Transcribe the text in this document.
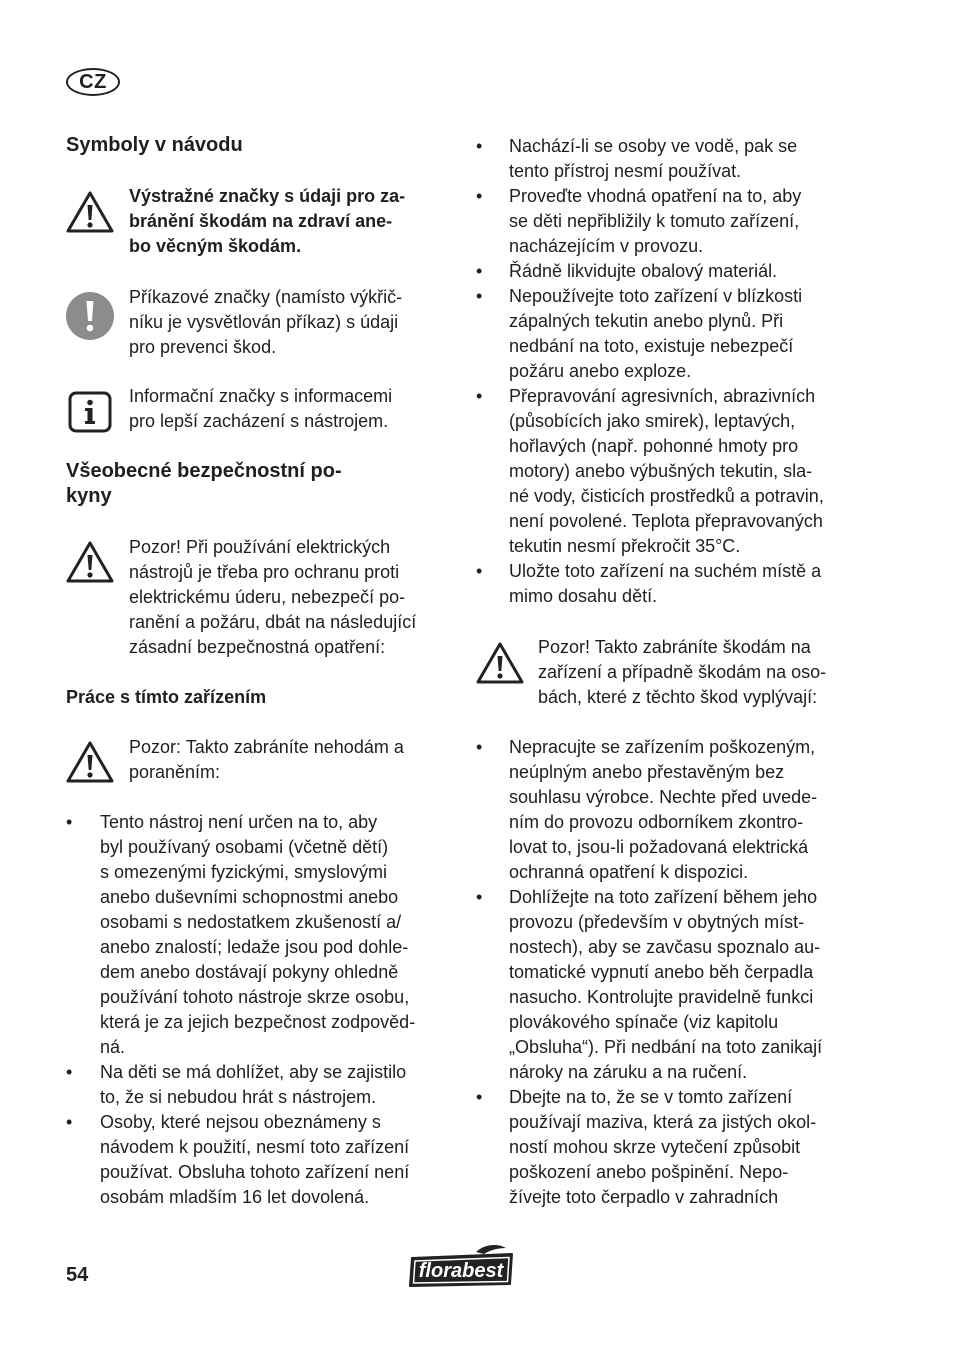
CZ
Symboly v návodu
Výstražné značky s údaji pro za-
bránění škodám na zdraví ane-
bo věcným škodám.
Příkazové značky (namísto výkřič-
níku je vysvětlován příkaz) s údaji
pro prevenci škod.
Informační značky s informacemi
pro lepší zacházení s nástrojem.
Všeobecné bezpečnostní po-
kyny
Pozor! Při používání elektrických
nástrojů je třeba pro ochranu proti
elektrickému úderu, nebezpečí po-
ranění a požáru, dbát na následující
zásadní bezpečnostná opatření:
Práce s tímto zařízením
Pozor: Takto zabráníte nehodám a
poraněním:
• Tento nástroj není určen na to, aby
byl používaný osobami (včetně dětí)
s omezenými fyzickými, smyslovými
anebo duševními schopnostmi anebo
osobami s nedostatkem zkušeností a/
anebo znalostí; ledaže jsou pod dohle-
dem anebo dostávají pokyny ohledně
používání tohoto nástroje skrze osobu,
která je za jejich bezpečnost zodpověd-
ná.
• Na děti se má dohlížet, aby se zajistilo
to, že si nebudou hrát s nástrojem.
• Osoby, které nejsou obeznámeny s
návodem k použití, nesmí toto zařízení
používat. Obsluha tohoto zařízení není
osobám mladším 16 let dovolená.
• Nachází-li se osoby ve vodě, pak se
tento přístroj nesmí používat.
• Proveďte vhodná opatření na to, aby
se děti nepřibližily k tomuto zařízení,
nacházejícím v provozu.
• Řádně likvidujte obalový materiál.
• Nepoužívejte toto zařízení v blízkosti
zápalných tekutin anebo plynů. Při
nedbání na toto, existuje nebezpečí
požáru anebo exploze.
• Přepravování agresivních, abrazivních
(působících jako smirek), leptavých,
hořlavých (např. pohonné hmoty pro
motory) anebo výbušných tekutin, sla-
né vody, čisticích prostředků a potravin,
není povolené. Teplota přepravovaných
tekutin nesmí překročit 35°C.
• Uložte toto zařízení na suchém místě a
mimo dosahu dětí.
Pozor! Takto zabráníte škodám na
zařízení a případně škodám na oso-
bách, které z těchto škod vyplývají:
• Nepracujte se zařízením poškozeným,
neúplným anebo přestavěným bez
souhlasu výrobce. Nechte před uvede-
ním do provozu odborníkem zkontro-
lovat to, jsou-li požadovaná elektrická
ochranná opatření k dispozici.
• Dohlížejte na toto zařízení během jeho
provozu (především v obytných míst-
nostech), aby se zavčasu spoznalo au-
tomatické vypnutí anebo běh čerpadla
nasucho. Kontrolujte pravidelně funkci
plovákového spínače (viz kapitolu
„Obsluha“). Při nedbání na toto zanikají
nároky na záruku a na ručení.
• Dbejte na to, že se v tomto zařízení
používají maziva, která za jistých okol-
ností mohou skrze vytečení způsobit
poškození anebo pošpinění. Nepo-
žívejte toto čerpadlo v zahradních
54	florabest
